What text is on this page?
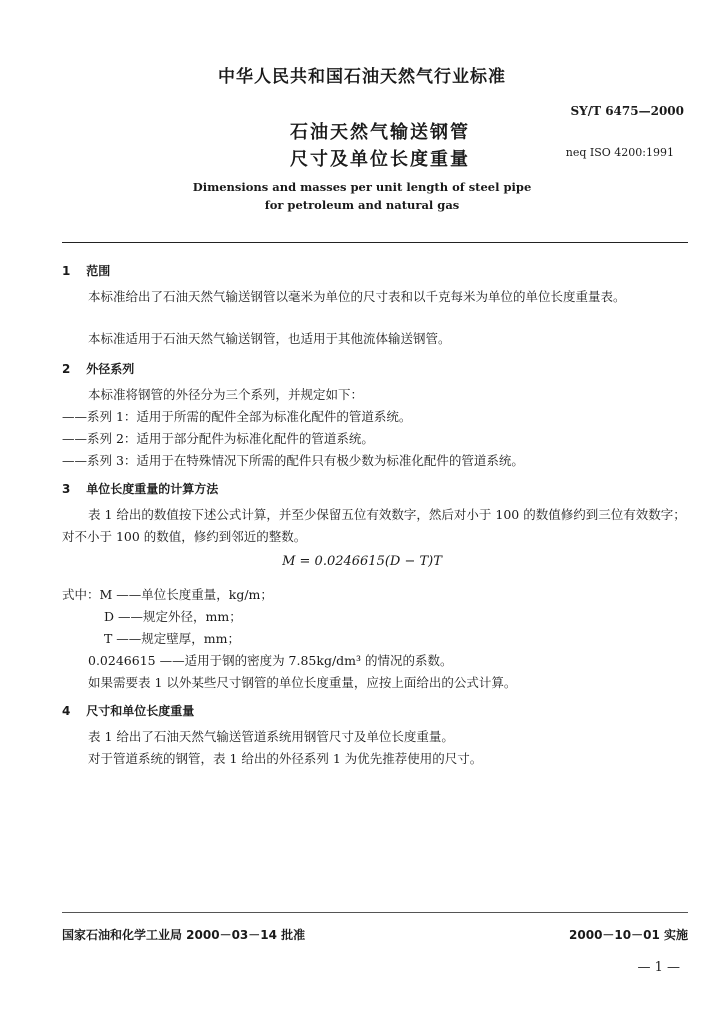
中华人民共和国石油天然气行业标准
SY/T 6475—2000
neq ISO 4200:1991
石油天然气输送钢管
尺寸及单位长度重量
Dimensions and masses per unit length of steel pipe
for petroleum and natural gas
1 范围
本标准给出了石油天然气输送钢管以毫米为单位的尺寸表和以千克每米为单位的单位长度重量表。
本标准适用于石油天然气输送钢管，也适用于其他流体输送钢管。
2 外径系列
本标准将钢管的外径分为三个系列，并规定如下：
——系列 1：适用于所需的配件全部为标准化配件的管道系统。
——系列 2：适用于部分配件为标准化配件的管道系统。
——系列 3：适用于在特殊情况下所需的配件只有极少数为标准化配件的管道系统。
3 单位长度重量的计算方法
表 1 给出的数值按下述公式计算，并至少保留五位有效数字，然后对小于 100 的数值修约到三位有效数字；对不小于 100 的数值，修约到邻近的整数。
M = 0.0246615(D − T)T
式中：M ——单位长度重量，kg/m；
D ——规定外径，mm；
T ——规定壁厚，mm；
0.0246615 ——适用于钢的密度为 7.85kg/dm³ 的情况的系数。
如果需要表 1 以外某些尺寸钢管的单位长度重量，应按上面给出的公式计算。
4 尺寸和单位长度重量
表 1 给出了石油天然气输送管道系统用钢管尺寸及单位长度重量。
对于管道系统的钢管，表 1 给出的外径系列 1 为优先推荐使用的尺寸。
国家石油和化学工业局 2000－03－14 批准	2000－10－01 实施
— 1 —
